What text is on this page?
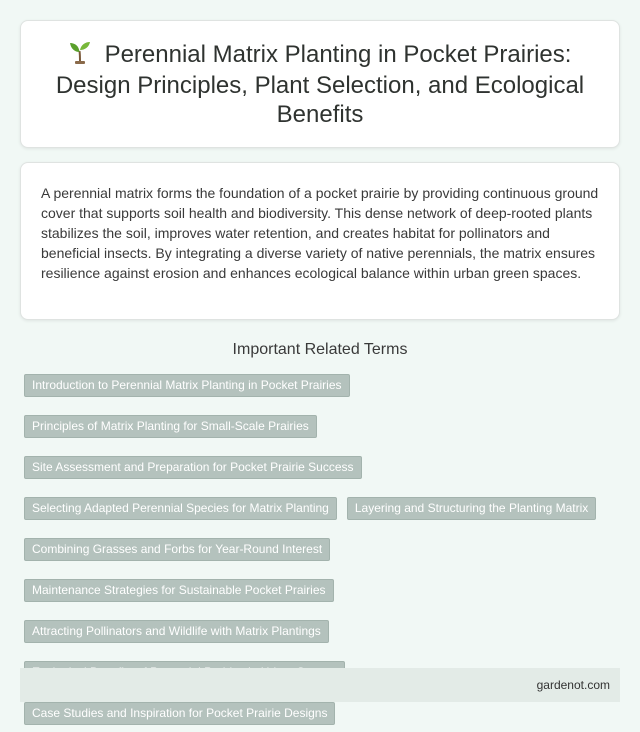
Perennial Matrix Planting in Pocket Prairies: Design Principles, Plant Selection, and Ecological Benefits

A perennial matrix forms the foundation of a pocket prairie by providing continuous ground cover that supports soil health and biodiversity. This dense network of deep-rooted plants stabilizes the soil, improves water retention, and creates habitat for pollinators and beneficial insects. By integrating a diverse variety of native perennials, the matrix ensures resilience against erosion and enhances ecological balance within urban green spaces.

Important Related Terms
Introduction to Perennial Matrix Planting in Pocket Prairies
Principles of Matrix Planting for Small-Scale Prairies
Site Assessment and Preparation for Pocket Prairie Success
Selecting Adapted Perennial Species for Matrix Planting	Layering and Structuring the Planting Matrix
Combining Grasses and Forbs for Year-Round Interest
Maintenance Strategies for Sustainable Pocket Prairies
Attracting Pollinators and Wildlife with Matrix Plantings
Case Studies and Inspiration for Pocket Prairie Designs
gardenot.com
